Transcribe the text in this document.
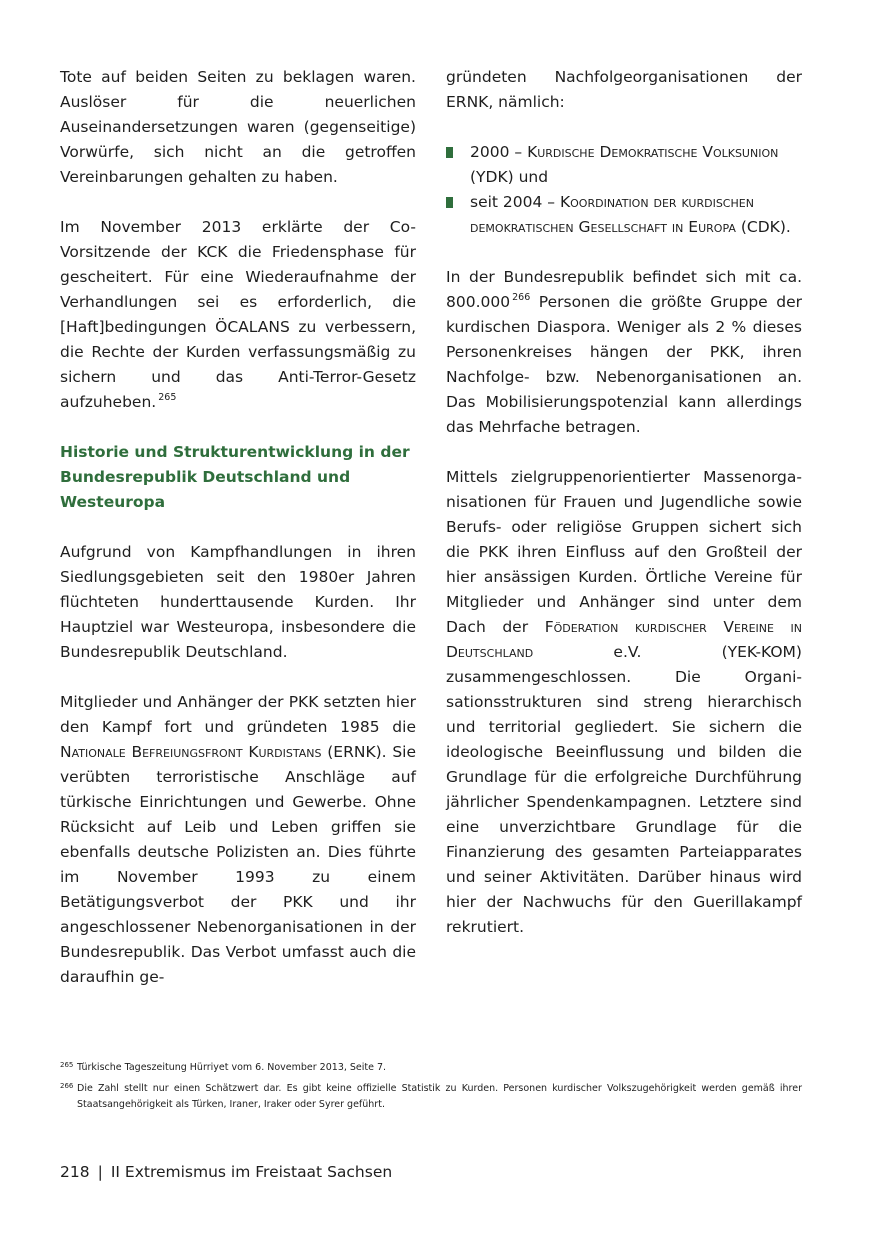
Tote auf beiden Seiten zu beklagen waren. Auslöser für die neuerlichen Auseinandersetzungen waren (gegenseitige) Vorwürfe, sich nicht an die getroffen Vereinbarungen gehalten zu haben.

Im November 2013 erklärte der Co-Vorsitzende der KCK die Friedensphase für gescheitert. Für eine Wiederaufnahme der Verhandlungen sei es erforderlich, die [Haft]bedingungen ÖCALANS zu verbessern, die Rechte der Kurden verfassungsmäßig zu sichern und das Anti-Terror-Gesetz aufzuheben. $^{265}$

Historie und Strukturentwicklung in der Bundesrepublik Deutschland und Westeuropa

Aufgrund von Kampfhandlungen in ihren Siedlungsgebieten seit den 1980er Jahren flüchteten hunderttausende Kurden. Ihr Hauptziel war Westeuropa, insbesondere die Bundesrepublik Deutschland.

Mitglieder und Anhänger der PKK setzten hier den Kampf fort und gründeten 1985 die Nationale Befreiungsfront Kurdistans (ERNK). Sie verübten terroristische Anschläge auf türkische Einrichtungen und Gewerbe. Ohne Rücksicht auf Leib und Leben griffen sie ebenfalls deutsche Polizisten an. Dies führte im November 1993 zu einem Betätigungsverbot der PKK und ihr angeschlossener Nebenorganisationen in der Bundesrepublik. Das Verbot umfasst auch die daraufhin ge-

gründeten Nachfolgeorganisationen der ERNK, nämlich:

2000 – Kurdische Demokratische Volksunion (YDK) und
seit 2004 – Koordination der kurdischen demokratischen Gesellschaft in Europa (CDK).

In der Bundesrepublik befindet sich mit ca. 800.000 $^{266}$ Personen die größte Gruppe der kurdischen Diaspora. Weniger als 2 % dieses Personenkreises hängen der PKK, ihren Nachfolge- bzw. Nebenorganisationen an. Das Mobilisierungspotenzial kann allerdings das Mehrfache betragen.

Mittels zielgruppenorientierter Massenorganisationen für Frauen und Jugendliche sowie Berufs- oder religiöse Gruppen sichert sich die PKK ihren Einfluss auf den Großteil der hier ansässigen Kurden. Örtliche Vereine für Mitglieder und Anhänger sind unter dem Dach der Föderation kurdischer Vereine in Deutschland	e.V. (YEK-KOM) zusammengeschlossen. Die Organisationsstrukturen sind streng hierarchisch und territorial gegliedert. Sie sichern die ideologische Beeinflussung und bilden die Grundlage für die erfolgreiche Durchführung jährlicher Spendenkampagnen. Letztere sind eine unverzichtbare Grundlage für die Finanzierung des gesamten Parteiapparates und seiner Aktivitäten. Darüber hinaus wird hier der Nachwuchs für den Guerillakampf rekrutiert.

265 Türkische Tageszeitung Hürriyet vom 6. November 2013, Seite 7.
266 Die Zahl stellt nur einen Schätzwert dar. Es gibt keine offizielle Statistik zu Kurden. Personen kurdischer Volkszugehörigkeit werden gemäß ihrer Staatsangehörigkeit als Türken, Iraner, Iraker oder Syrer geführt.
218 | II Extremismus im Freistaat Sachsen
